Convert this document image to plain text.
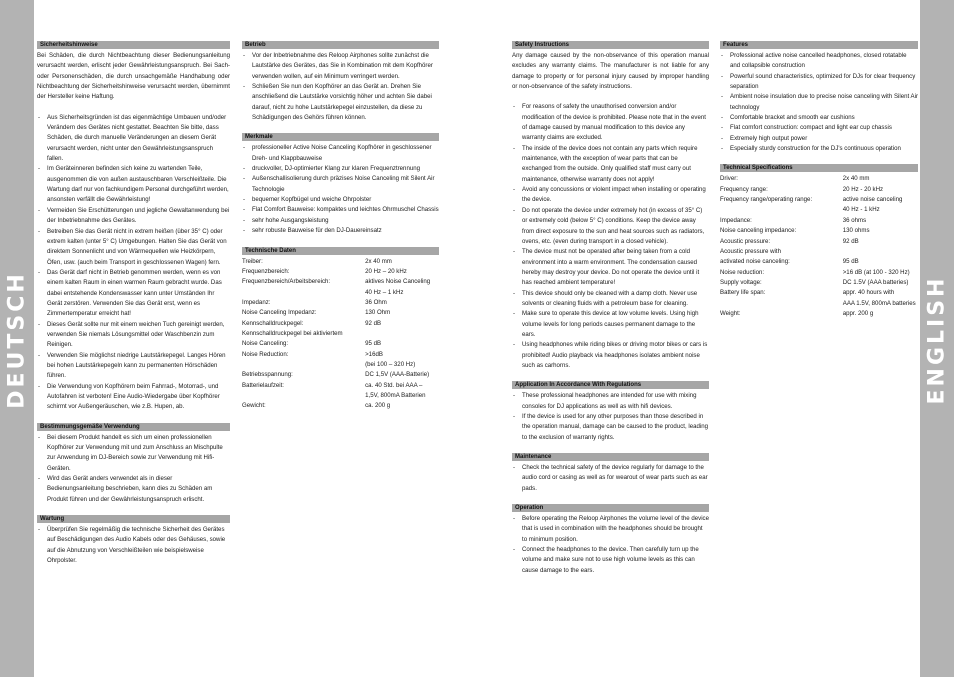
DEUTSCH	ENGLISH
Sicherheitshinweise

Bei Schäden, die durch Nichtbeachtung dieser Bedienungsanleitung verursacht werden, erlischt jeder Gewährleistungsanspruch. Bei Sach- oder Personenschäden, die durch unsachgemäße Handhabung oder Nichtbeachtung der Sicherheitshinweise verursacht werden, übernimmt der Hersteller keine Haftung.

- Aus Sicherheitsgründen ist das eigenmächtige Umbauen und/oder Verändern des Gerätes nicht gestattet. Beachten Sie bitte, dass Schäden, die durch manuelle Veränderungen an diesem Gerät verursacht werden, nicht unter den Gewährleistungsanspruch fallen.
- Im Geräteinneren befinden sich keine zu wartenden Teile, ausgenommen die von außen austauschbaren Verschleißteile. Die Wartung darf nur von fachkundigem Personal durchgeführt werden, ansonsten verfällt die Gewährleistung!
- Vermeiden Sie Erschütterungen und jegliche Gewaltanwendung bei der Inbetriebnahme des Gerätes.
- Betreiben Sie das Gerät nicht in extrem heißen (über 35° C) oder extrem kalten (unter 5° C) Umgebungen. Halten Sie das Gerät von direktem Sonnenlicht und von Wärmequellen wie Heizkörpern, Öfen, usw. (auch beim Transport in geschlossenen Wagen) fern.
- Das Gerät darf nicht in Betrieb genommen werden, wenn es von einem kalten Raum in einen warmen Raum gebracht wurde. Das dabei entstehende Kondenswasser kann unter Umständen Ihr Gerät zerstören. Verwenden Sie das Gerät erst, wenn es Zimmertemperatur erreicht hat!
- Dieses Gerät sollte nur mit einem weichen Tuch gereinigt werden, verwenden Sie niemals Lösungsmittel oder Waschbenzin zum Reinigen.
- Verwenden Sie möglichst niedrige Lautstärkepegel. Langes Hören bei hohen Lautstärkepegeln kann zu permanenten Hörschäden führen.
- Die Verwendung von Kopfhörern beim Fahrrad-, Motorrad-, und Autofahren ist verboten! Eine Audio-Wiedergabe über Kopfhörer schirmt vor Außengeräuschen, wie z.B. Hupen, ab.
Bestimmungsgemäße Verwendung
- Bei diesem Produkt handelt es sich um einen professionellen Kopfhörer zur Verwendung mit und zum Anschluss an Mischpulte zur Anwendung im DJ-Bereich sowie zur Verwendung mit Hifi-Geräten.
- Wird das Gerät anders verwendet als in dieser Bedienungsanleitung beschrieben, kann dies zu Schäden am Produkt führen und der Gewährleistungsanspruch erlischt.
Wartung
- Überprüfen Sie regelmäßig die technische Sicherheit des Gerätes auf Beschädigungen des Audio Kabels oder des Gehäuses, sowie auf die Abnutzung von Verschleißteilen wie beispielsweise Ohrpolster.
Betrieb
- Vor der Inbetriebnahme des Reloop Airphones sollte zunächst die Lautstärke des Gerätes, das Sie in Kombination mit dem Kopfhörer verwenden wollen, auf ein Minimum verringert werden.
- Schließen Sie nun den Kopfhörer an das Gerät an. Drehen Sie anschließend die Lautstärke vorsichtig höher und achten Sie dabei darauf, nicht zu hohe Lautstärkepegel einzustellen, da diese zu Schädigungen des Gehörs führen können.
Merkmale
- professioneller Active Noise Canceling Kopfhörer in geschlossener Dreh- und Klappbauweise
- druckvoller, DJ-optimierter Klang zur klaren Frequenztrennung
- Außenschallisolierung durch präzises Noise Canceling mit Silent Air Technologie
- bequemer Kopfbügel und weiche Ohrpolster
- Flat Comfort Bauweise: kompaktes und leichtes Ohrmuschel Chassis
- sehr hohe Ausgangsleistung
- sehr robuste Bauweise für den DJ-Dauereinsatz
Technische Daten
Treiber:	2x 40 mm
Frequenzbereich:	20 Hz – 20 kHz
Frequenzbereich/Arbeitsbereich:	aktives Noise Canceling
	40 Hz – 1 kHz
Impedanz:	36 Ohm
Noise Canceling Impedanz:	130 Ohm
Kennschalldruckpegel:	92 dB
Kennschalldruckpegel bei aktiviertem	
Noise Canceling:	95 dB
Noise Reduction:	>16dB
	(bei 100 – 320 Hz)
Betriebsspannung:	DC 1,5V (AAA-Batterie)
Batterielaufzeit:	ca. 40 Std. bei AAA –
	1,5V, 800mA Batterien
Gewicht:	ca. 200 g
Safety Instructions

Any damage caused by the non-observance of this operation manual excludes any warranty claims. The manufacturer is not liable for any damage to property or for personal injury caused by improper handling or non-observance of the safety instructions.

- For reasons of safety the unauthorised conversion and/or modification of the device is prohibited. Please note that in the event of damage caused by manual modification to this device any warranty claims are excluded.
- The inside of the device does not contain any parts which require maintenance, with the exception of wear parts that can be exchanged from the outside. Only qualified staff must carry out maintenance, otherwise warranty does not apply!
- Avoid any concussions or violent impact when installing or operating the device.
- Do not operate the device under extremely hot (in excess of 35° C) or extremely cold (below 5° C) conditions. Keep the device away from direct exposure to the sun and heat sources such as radiators, ovens, etc. (even during transport in a closed vehicle).
- The device must not be operated after being taken from a cold environment into a warm environment. The condensation caused hereby may destroy your device. Do not operate the device until it has reached ambient temperature!
- This device should only be cleaned with a damp cloth. Never use solvents or cleaning fluids with a petroleum base for cleaning.
- Make sure to operate this device at low volume levels. Using high volume levels for long periods causes permanent damage to the ears.
- Using headphones while riding bikes or driving motor bikes or cars is prohibited! Audio playback via headphones isolates ambient noise such as carhorns.
Application In Accordance With Regulations
- These professional headphones are intended for use with mixing consoles for DJ applications as well as with hifi devices.
- If the device is used for any other purposes than those described in the operation manual, damage can be caused to the product, leading to the exclusion of warranty rights.
Maintenance
- Check the technical safety of the device regularly for damage to the audio cord or casing as well as for wearout of wear parts such as ear pads.
Operation
- Before operating the Reloop Airphones the volume level of the device that is used in combination with the headphones should be brought to minimum position.
- Connect the headphones to the device. Then carefully turn up the volume and make sure not to use high volume levels as this can cause damage to the ears.
Features
- Professional active noise cancelled headphones, closed rotatable and collapsible construction
- Powerful sound characteristics, optimized for DJs for clear frequency separation
- Ambient noise insulation due to precise noise canceling with Silent Air technology
- Comfortable bracket and smooth ear cushions
- Flat comfort construction: compact and light ear cup chassis
- Extremely high output power
- Especially sturdy construction for the DJ's continuous operation
Technical Specifications
Driver:	2x 40 mm
Frequency range:	20 Hz - 20 kHz
Frequency range/operating range:	active noise canceling
	40 Hz - 1 kHz
Impedance:	36 ohms
Noise canceling impedance:	130 ohms
Acoustic pressure:	92 dB
Acoustic pressure with	
activated noise canceling:	95 dB
Noise reduction:	>16 dB (at 100 - 320 Hz)
Supply voltage:	DC 1.5V (AAA batteries)
Battery life span:	appr. 40 hours with
	AAA 1.5V, 800mA batteries
Weight:	appr. 200 g
